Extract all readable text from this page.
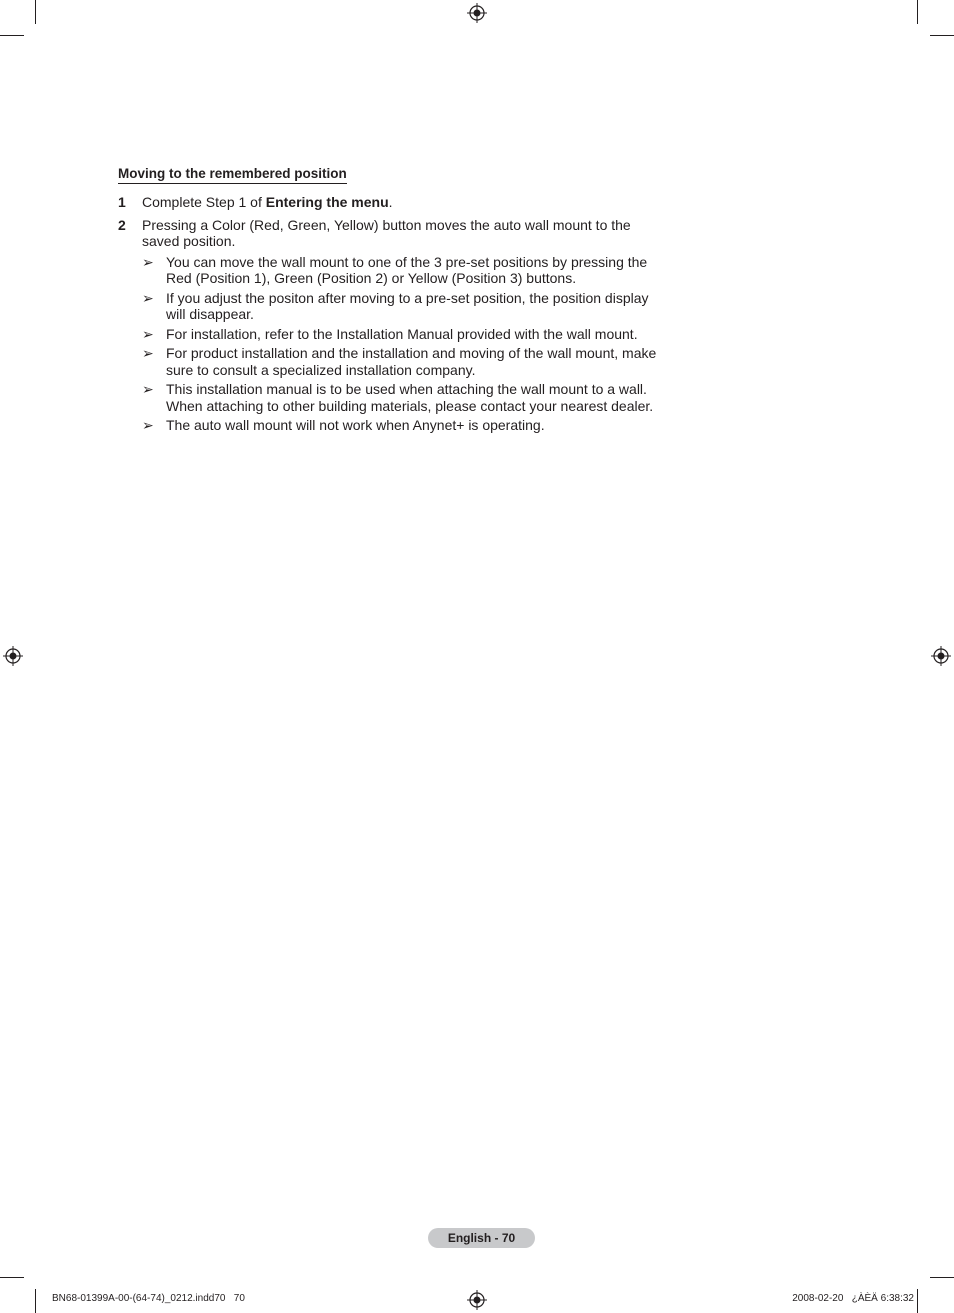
Moving to the remembered position
1 Complete Step 1 of Entering the menu.
2 Pressing a Color (Red, Green, Yellow) button moves the auto wall mount to the saved position.
➢ You can move the wall mount to one of the 3 pre-set positions by pressing the Red (Position 1), Green (Position 2) or Yellow (Position 3) buttons.
➢ If you adjust the positon after moving to a pre-set position, the position display will disappear.
➢ For installation, refer to the Installation Manual provided with the wall mount.
➢ For product installation and the installation and moving of the wall mount, make sure to consult a specialized installation company.
➢ This installation manual is to be used when attaching the wall mount to a wall. When attaching to other building materials, please contact your nearest dealer.
➢ The auto wall mount will not work when Anynet+ is operating.
English - 70
BN68-01399A-00-(64-74)_0212.indd70   70	2008-02-20   ¿ÀÈÄ 6:38:32
